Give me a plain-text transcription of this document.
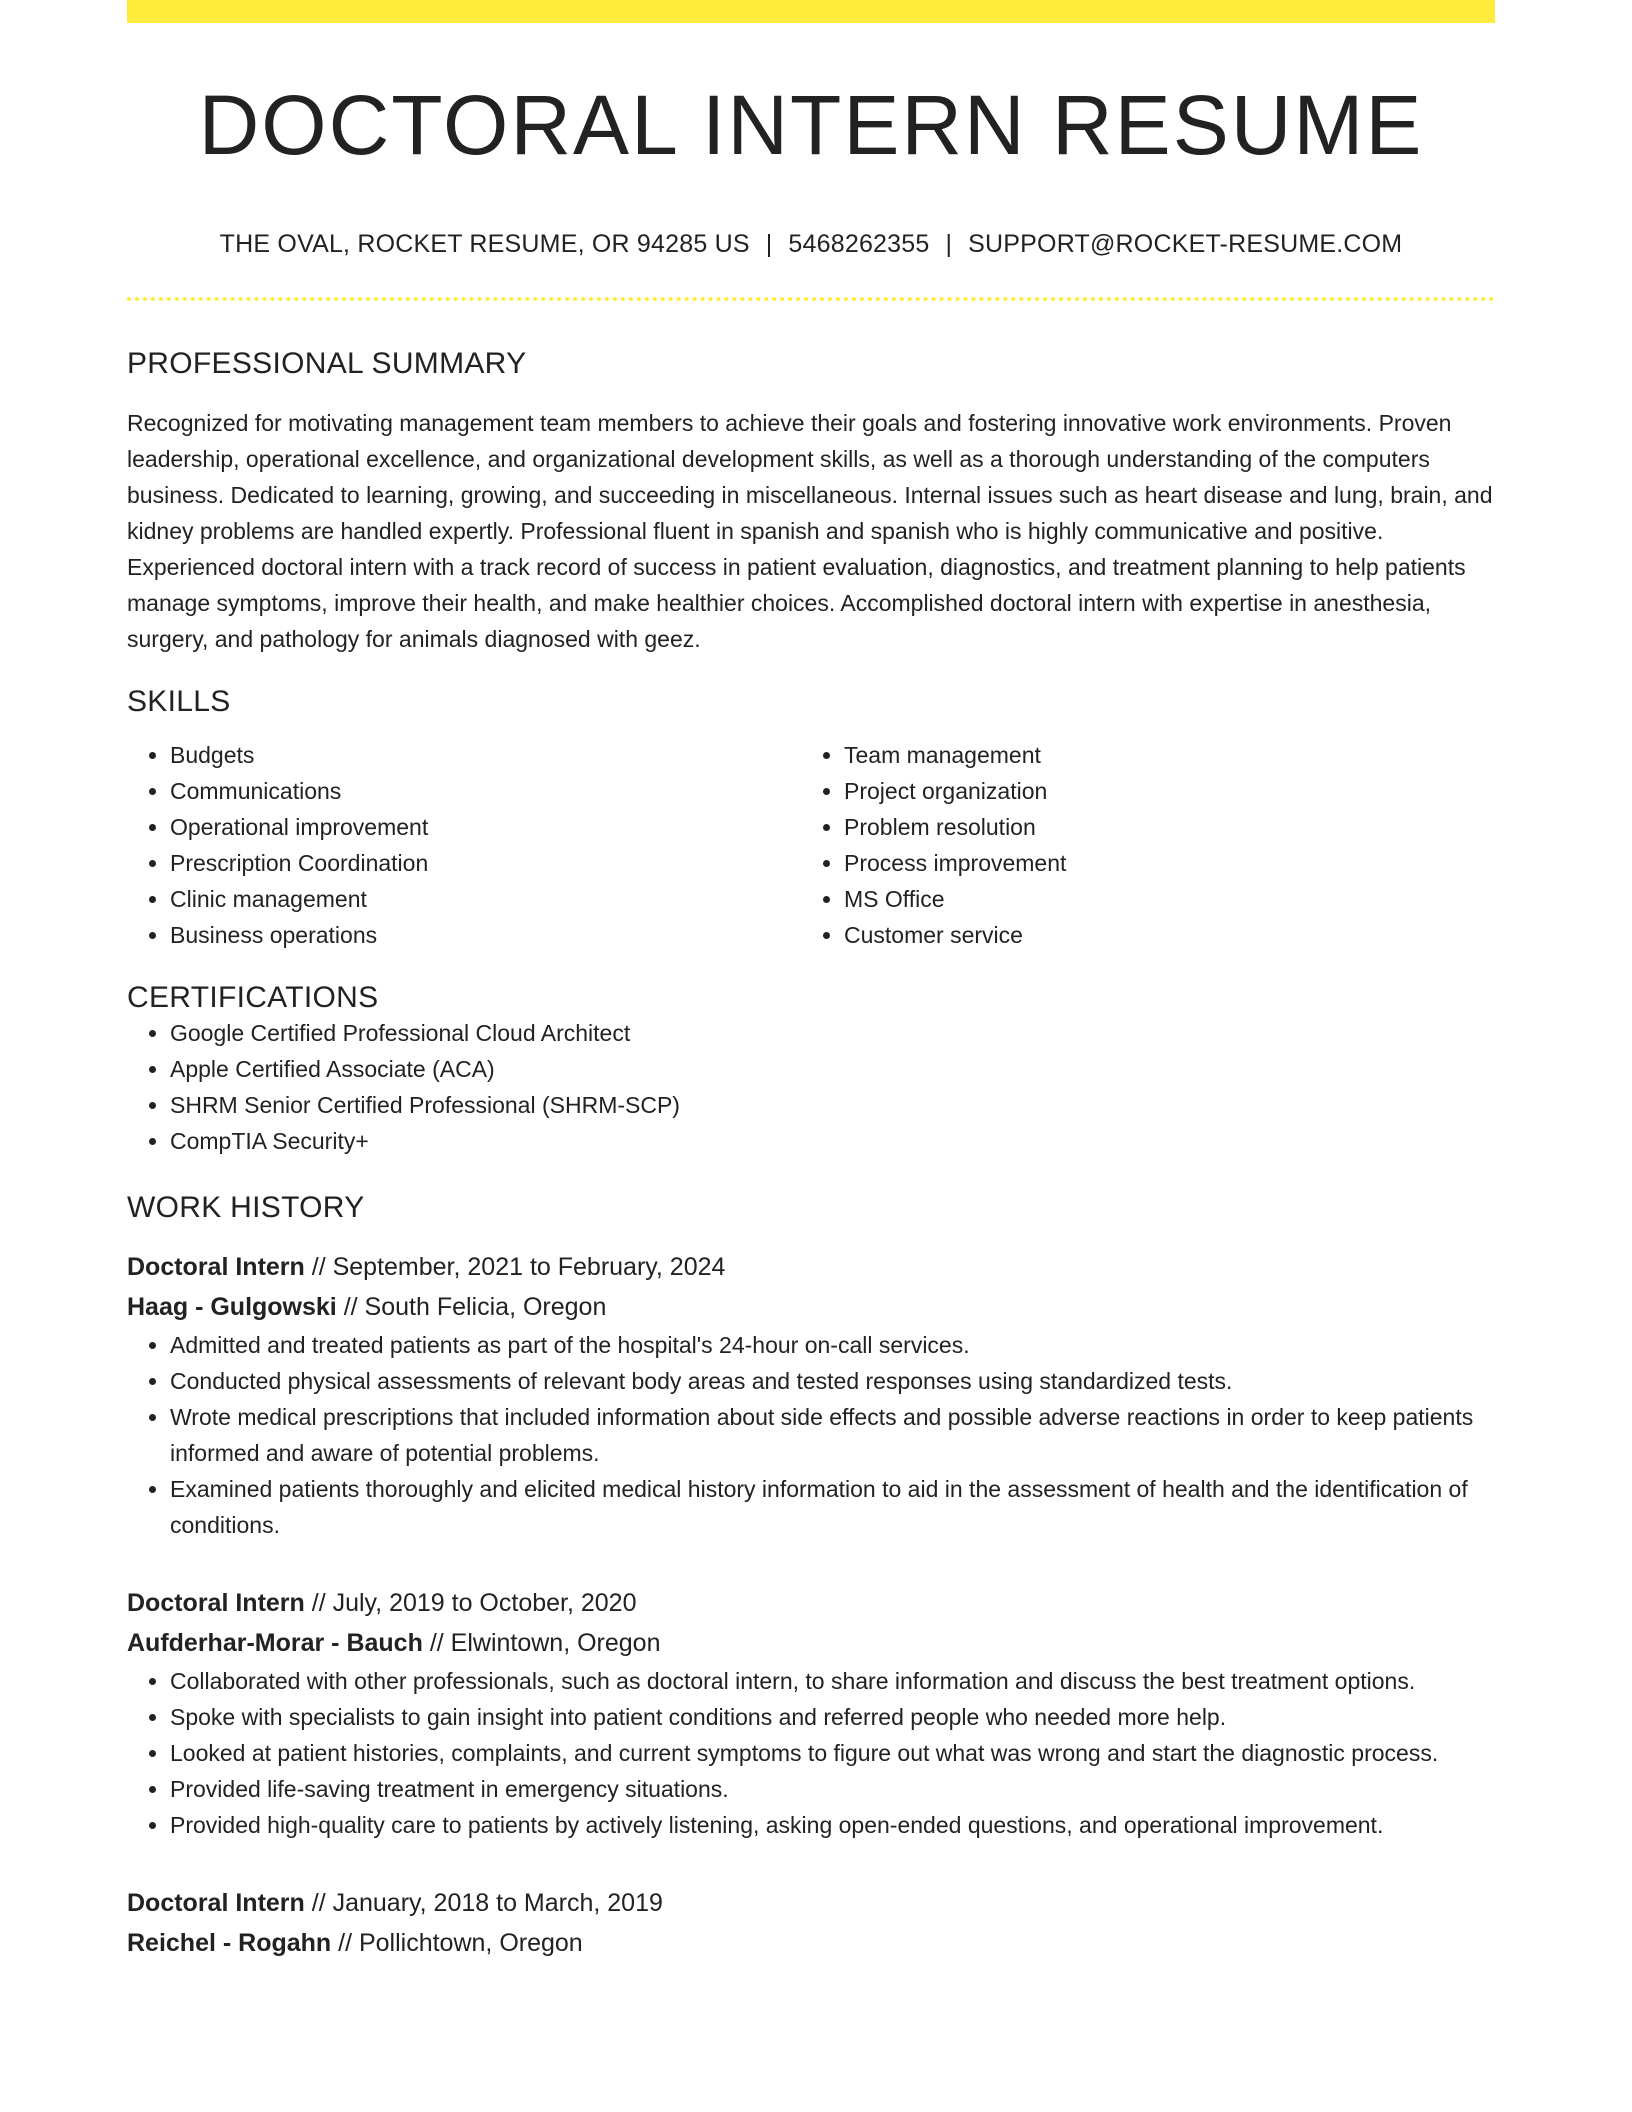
DOCTORAL INTERN RESUME
THE OVAL, ROCKET RESUME, OR 94285 US | 5468262355 | SUPPORT@ROCKET-RESUME.COM
PROFESSIONAL SUMMARY

Recognized for motivating management team members to achieve their goals and fostering innovative work environments. Proven leadership, operational excellence, and organizational development skills, as well as a thorough understanding of the computers business. Dedicated to learning, growing, and succeeding in miscellaneous. Internal issues such as heart disease and lung, brain, and kidney problems are handled expertly. Professional fluent in spanish and spanish who is highly communicative and positive. Experienced doctoral intern with a track record of success in patient evaluation, diagnostics, and treatment planning to help patients manage symptoms, improve their health, and make healthier choices. Accomplished doctoral intern with expertise in anesthesia, surgery, and pathology for animals diagnosed with geez.

SKILLS
• Budgets
• Communications
• Operational improvement
• Prescription Coordination
• Clinic management
• Business operations
• Team management
• Project organization
• Problem resolution
• Process improvement
• MS Office
• Customer service
CERTIFICATIONS
• Google Certified Professional Cloud Architect
• Apple Certified Associate (ACA)
• SHRM Senior Certified Professional (SHRM-SCP)
• CompTIA Security+
WORK HISTORY
Doctoral Intern // September, 2021 to February, 2024
Haag - Gulgowski // South Felicia, Oregon
• Admitted and treated patients as part of the hospital's 24-hour on-call services.
• Conducted physical assessments of relevant body areas and tested responses using standardized tests.
• Wrote medical prescriptions that included information about side effects and possible adverse reactions in order to keep patients informed and aware of potential problems.
• Examined patients thoroughly and elicited medical history information to aid in the assessment of health and the identification of conditions.
Doctoral Intern // July, 2019 to October, 2020
Aufderhar-Morar - Bauch // Elwintown, Oregon
• Collaborated with other professionals, such as doctoral intern, to share information and discuss the best treatment options.
• Spoke with specialists to gain insight into patient conditions and referred people who needed more help.
• Looked at patient histories, complaints, and current symptoms to figure out what was wrong and start the diagnostic process.
• Provided life-saving treatment in emergency situations.
• Provided high-quality care to patients by actively listening, asking open-ended questions, and operational improvement.
Doctoral Intern // January, 2018 to March, 2019
Reichel - Rogahn // Pollichtown, Oregon
